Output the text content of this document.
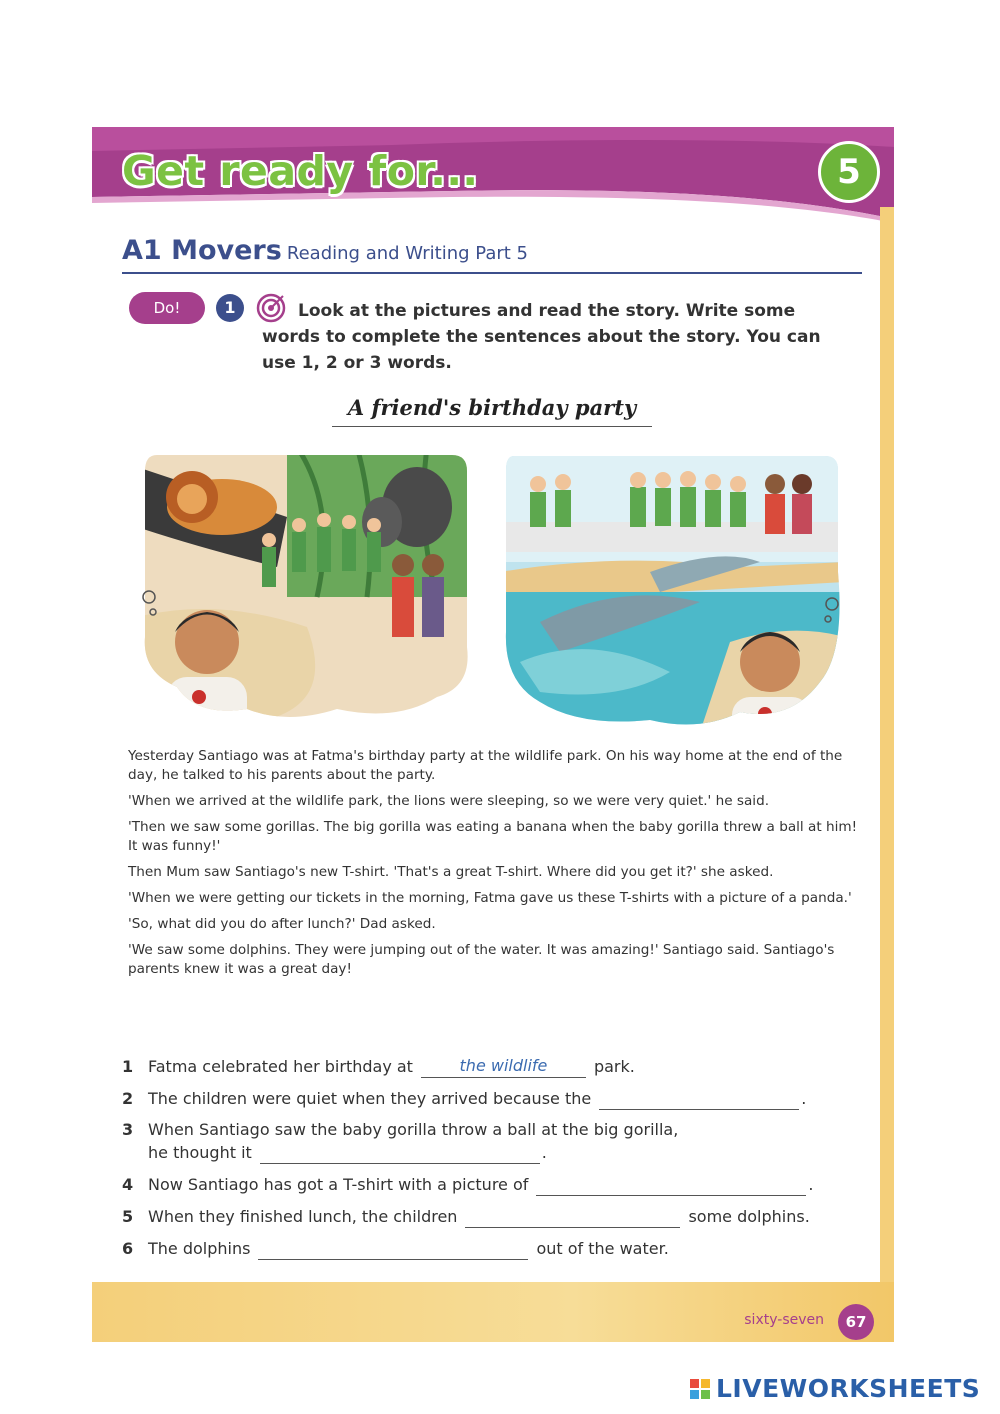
Get ready for...	5
A1 Movers Reading and Writing Part 5
Do!	1	Look at the pictures and read the story. Write some words to complete the sentences about the story. You can use 1, 2 or 3 words.
A friend's birthday party

Yesterday Santiago was at Fatma's birthday party at the wildlife park. On his way home at the end of the day, he talked to his parents about the party.

'When we arrived at the wildlife park, the lions were sleeping, so we were very quiet.' he said.

'Then we saw some gorillas. The big gorilla was eating a banana when the baby gorilla threw a ball at him! It was funny!'

Then Mum saw Santiago's new T-shirt. 'That's a great T-shirt. Where did you get it?' she asked.

'When we were getting our tickets in the morning, Fatma gave us these T-shirts with a picture of a panda.'

'So, what did you do after lunch?' Dad asked.

'We saw some dolphins. They were jumping out of the water. It was amazing!' Santiago said. Santiago's parents knew it was a great day!

1 Fatma celebrated her birthday at	the wildlife	park.
2 The children were quiet when they arrived because the	.
3 When Santiago saw the baby gorilla throw a ball at the big gorilla,
he thought it	.
4 Now Santiago has got a T-shirt with a picture of	.
5 When they finished lunch, the children	some dolphins.
6 The dolphins	out of the water.
sixty-seven	67
LIVEWORKSHEETS
